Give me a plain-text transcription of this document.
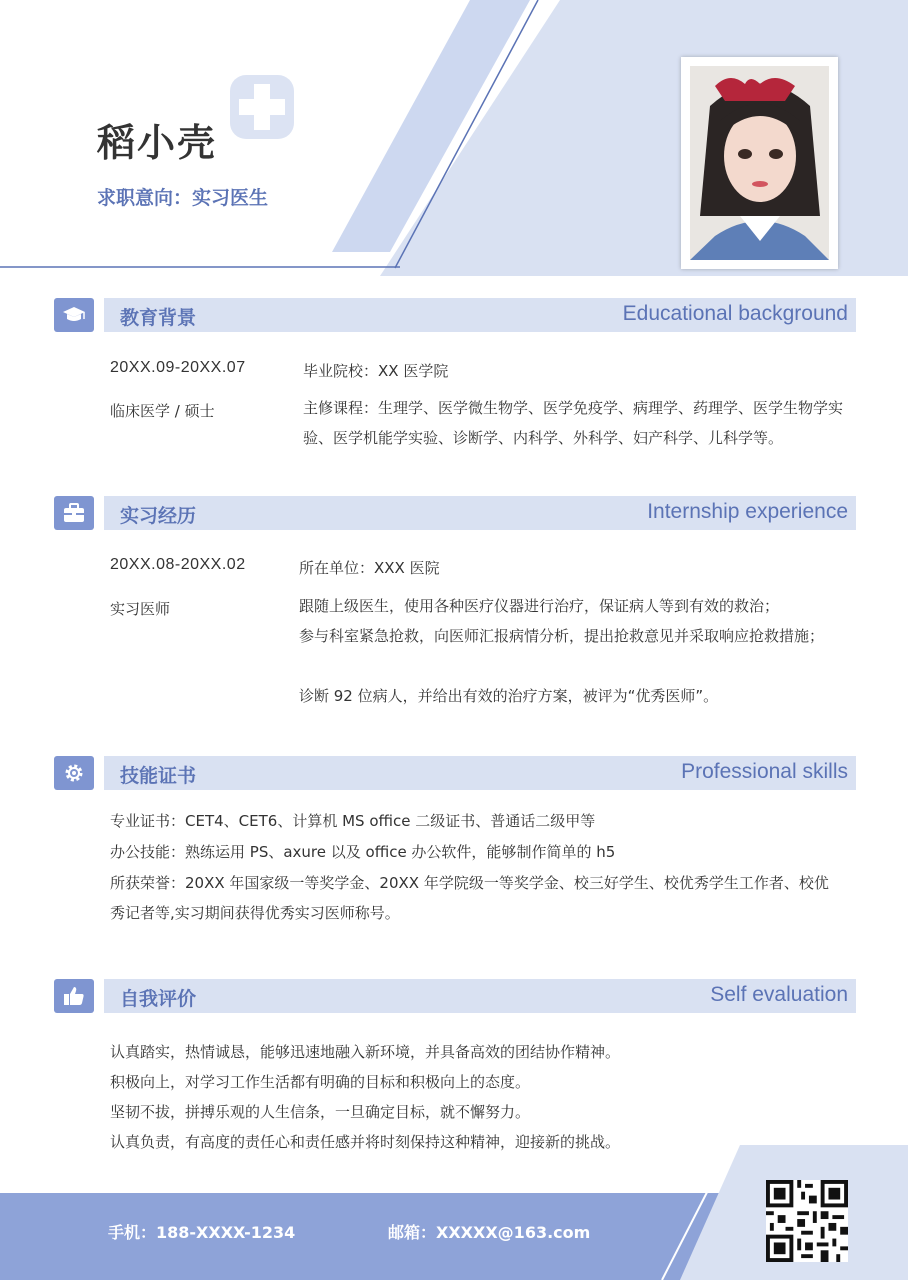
稻小壳
求职意向：实习医生
教育背景	Educational background
20XX.09-20XX.07	毕业院校：XX 医学院
临床医学 / 硕士	主修课程：生理学、医学微生物学、医学免疫学、病理学、药理学、医学生物学实验、医学机能学实验、诊断学、内科学、外科学、妇产科学、儿科学等。
实习经历	Internship experience
20XX.08-20XX.02	所在单位：XXX 医院
实习医师	跟随上级医生，使用各种医疗仪器进行治疗，保证病人等到有效的救治；
参与科室紧急抢救，向医师汇报病情分析，提出抢救意见并采取响应抢救措施；
诊断 92 位病人，并给出有效的治疗方案，被评为“优秀医师”。
技能证书	Professional skills
专业证书：CET4、CET6、计算机 MS office 二级证书、普通话二级甲等
办公技能：熟练运用 PS、axure 以及 office 办公软件，能够制作简单的 h5
所获荣誉：20XX 年国家级一等奖学金、20XX 年学院级一等奖学金、校三好学生、校优秀学生工作者、校优秀记者等,实习期间获得优秀实习医师称号。
自我评价	Self evaluation
认真踏实，热情诚恳，能够迅速地融入新环境，并具备高效的团结协作精神。
积极向上，对学习工作生活都有明确的目标和积极向上的态度。
坚韧不拔，拼搏乐观的人生信条，一旦确定目标，就不懈努力。
认真负责，有高度的责任心和责任感并将时刻保持这种精神，迎接新的挑战。
手机：188-XXXX-1234	邮箱：XXXXX@163.com
